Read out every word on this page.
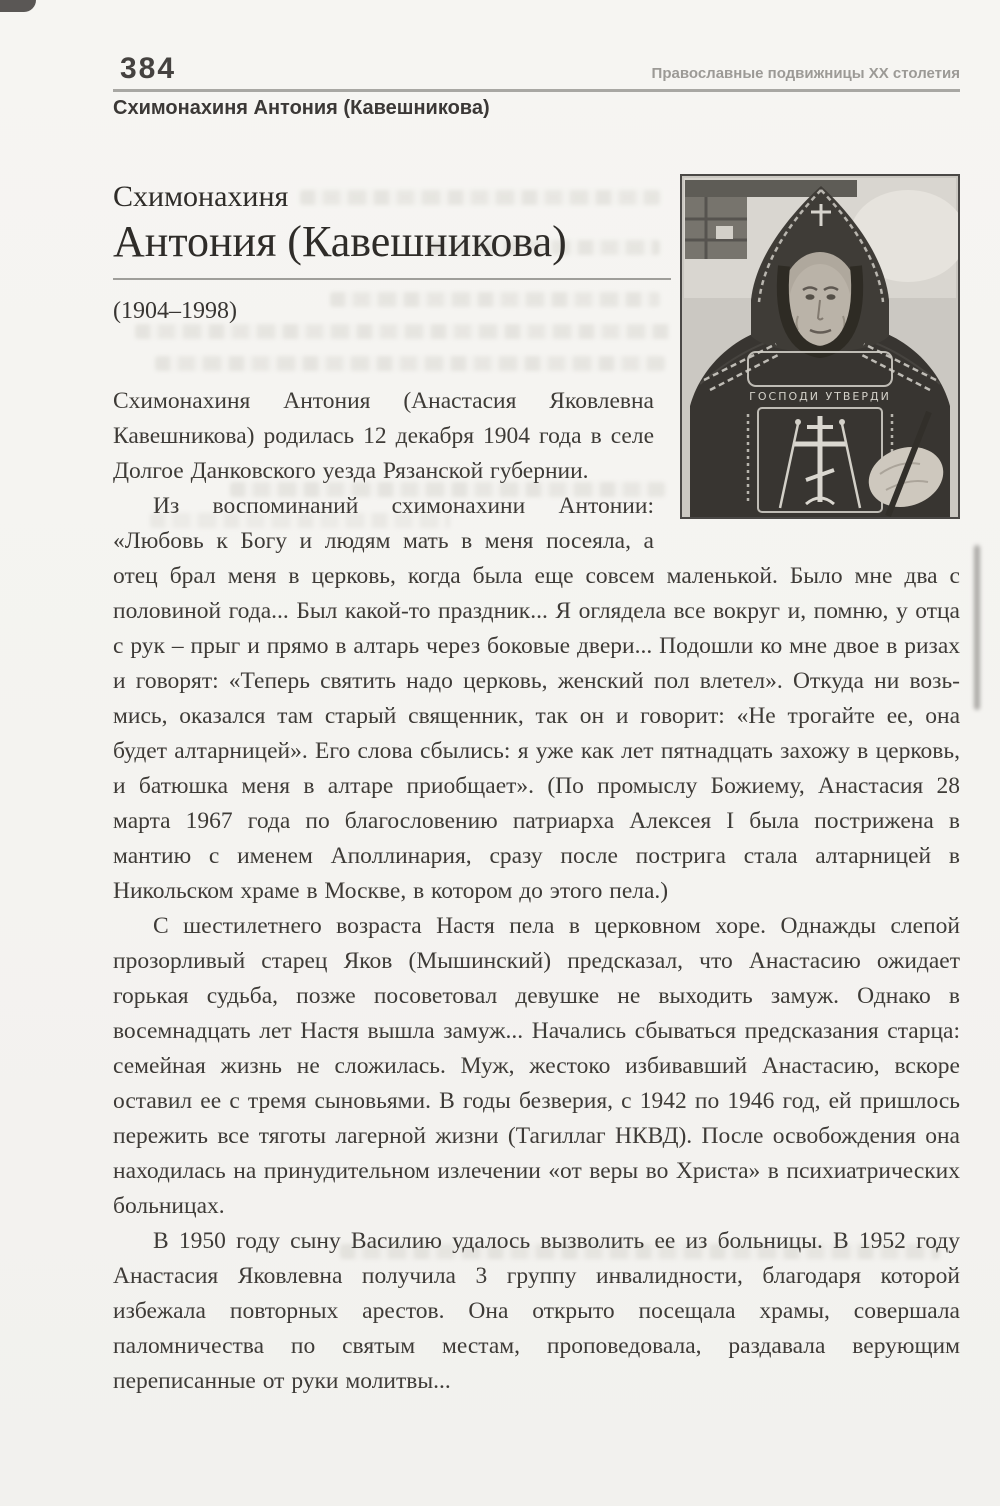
384	Православные подвижницы XX столетия
Схимонахиня Антония (Кавешникова)
ГОСПОДИ УТВЕРДИ
Схимонахиня
Антония (Кавешникова)

(1904–1998)

Схимонахиня Антония (Анастасия Яковлевна Кавешникова) родилась 12 декабря 1904 года в селе Долгое Данковского уезда Рязанской губернии.

Из воспоминаний схимонахини Антонии: «Любовь к Богу и людям мать в меня посеяла, а отец брал меня в церковь, когда была еще совсем маленькой. Было мне два с половиной года... Был какой-то праздник... Я оглядела все вокруг и, помню, у отца с рук – прыг и прямо в алтарь через боковые двери... Подошли ко мне двое в ризах и говорят: «Теперь святить надо церковь, женский пол влетел». Откуда ни возьмись, оказался там старый священник, так он и говорит: «Не трогайте ее, она будет алтарницей». Его слова сбылись: я уже как лет пятнадцать захожу в церковь, и батюшка меня в алтаре приобщает». (По промыслу Божиему, Анастасия 28 марта 1967 года по благословению патриарха Алексея I была пострижена в мантию с именем Аполлинария, сразу после пострига стала алтарницей в Никольском храме в Москве, в котором до этого пела.)

С шестилетнего возраста Настя пела в церковном хоре. Однажды слепой прозорливый старец Яков (Мышинский) предсказал, что Анастасию ожидает горькая судьба, позже посоветовал девушке не выходить замуж. Однако в восемнадцать лет Настя вышла замуж... Начались сбываться предсказания старца: семейная жизнь не сложилась. Муж, жестоко избивавший Анастасию, вскоре оставил ее с тремя сыновьями. В годы безверия, с 1942 по 1946 год, ей пришлось пережить все тяготы лагерной жизни (Тагиллаг НКВД). После освобождения она находилась на принудительном излечении «от веры во Христа» в психиатрических больницах.

В 1950 году сыну Василию удалось вызволить ее из больницы. В 1952 году Анастасия Яковлевна получила 3 группу инвалидности, благодаря которой избежала повторных арестов. Она открыто посещала храмы, совершала паломничества по святым местам, проповедовала, раздавала верующим переписанные от руки молитвы...
